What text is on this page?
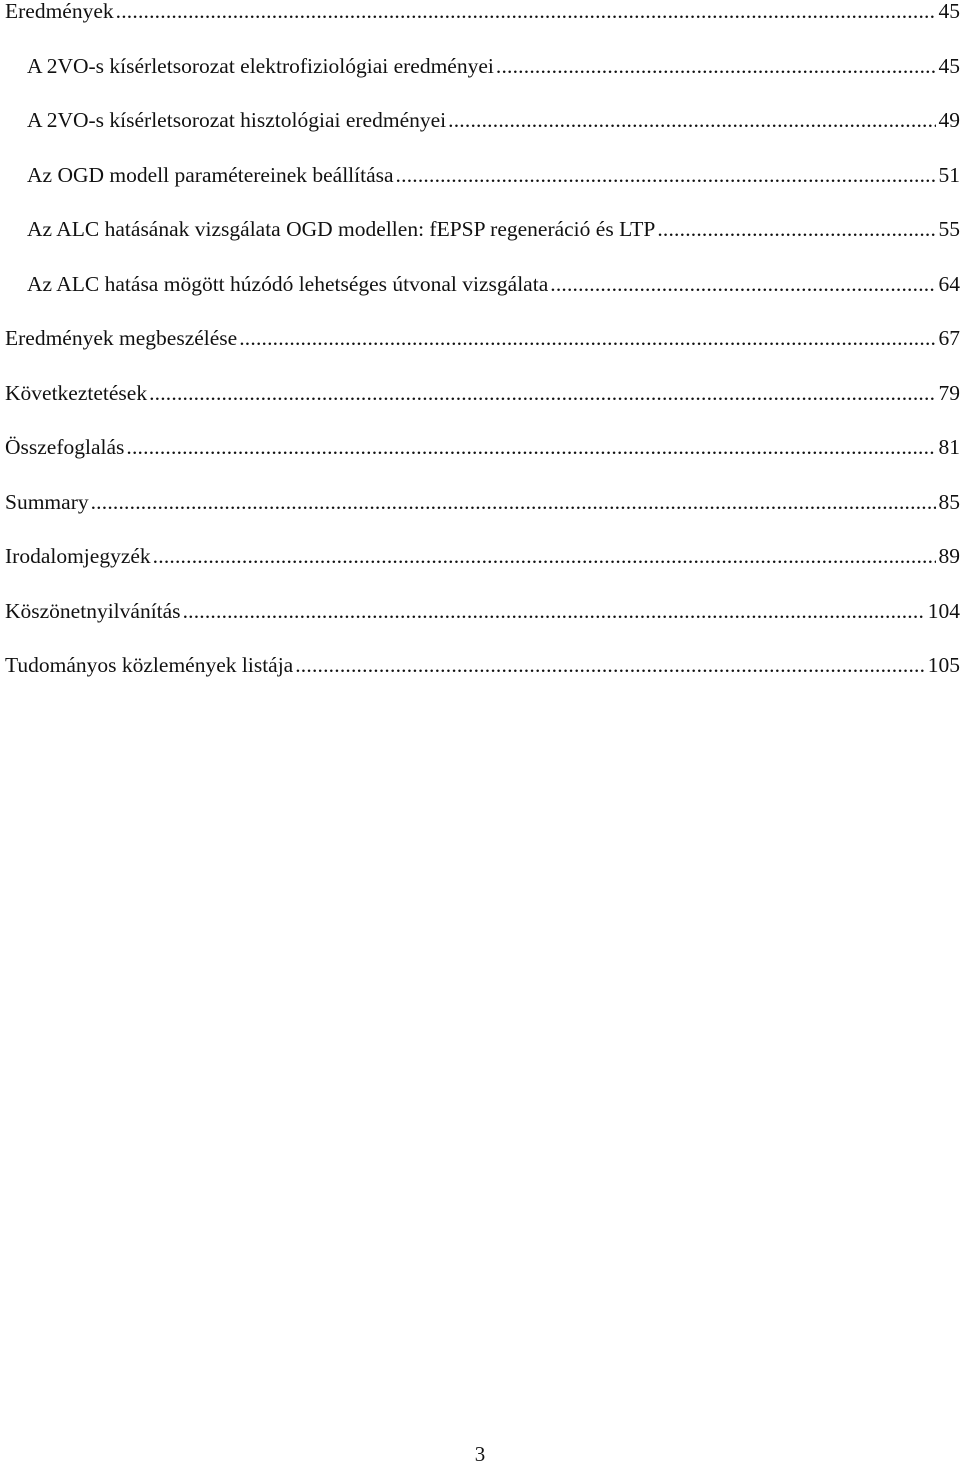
Eredmények .....	45
A 2VO-s kísérletsorozat elektrofiziológiai eredményei .....	45
A 2VO-s kísérletsorozat hisztológiai eredményei .....	49
Az OGD modell paramétereinek beállítása .....	51
Az ALC hatásának vizsgálata OGD modellen: fEPSP regeneráció és LTP .....	55
Az ALC hatása mögött húzódó lehetséges útvonal vizsgálata .....	64
Eredmények megbeszélése .....	67
Következtetések .....	79
Összefoglalás .....	81
Summary .....	85
Irodalomjegyzék .....	89
Köszönetnyilvánítás .....	104
Tudományos közlemények listája .....	105
3
